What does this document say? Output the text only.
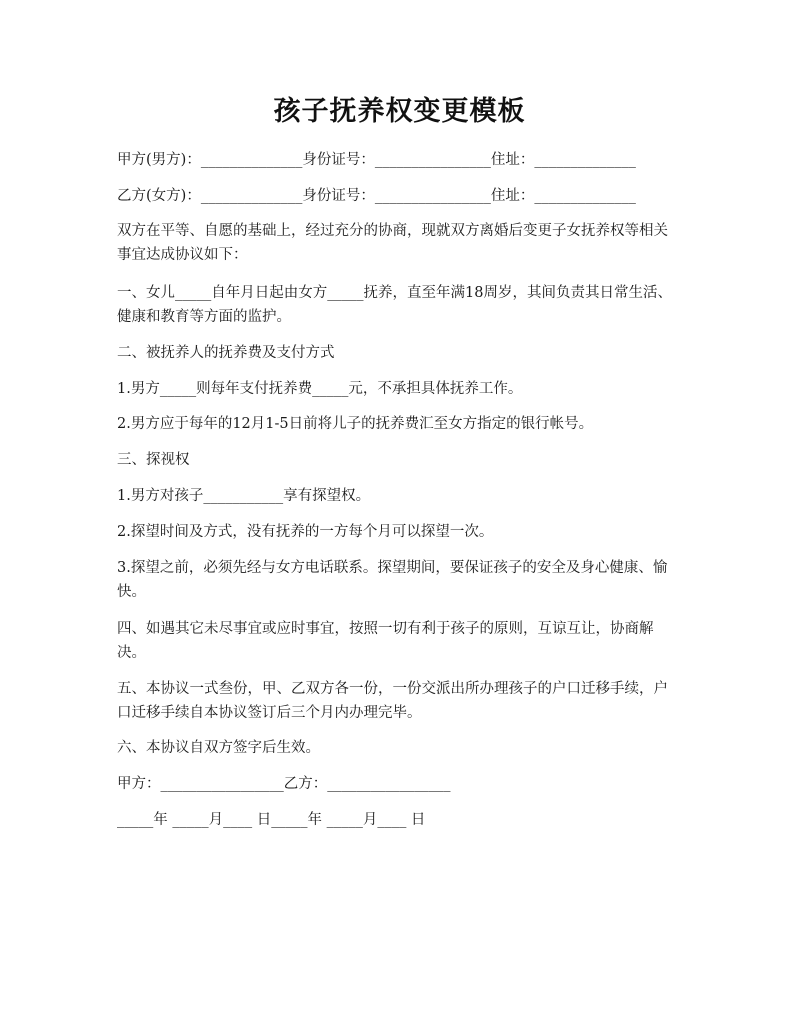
孩子抚养权变更模板
甲方(男方)：______________身份证号：________________住址：______________
乙方(女方)：______________身份证号：________________住址：______________
双方在平等、自愿的基础上，经过充分的协商，现就双方离婚后变更子女抚养权等相关事宜达成协议如下：
一、女儿_____自年月日起由女方_____抚养，直至年满18周岁，其间负责其日常生活、健康和教育等方面的监护。
二、被抚养人的抚养费及支付方式
1.男方_____则每年支付抚养费_____元，不承担具体抚养工作。
2.男方应于每年的12月1-5日前将儿子的抚养费汇至女方指定的银行帐号。
三、探视权
1.男方对孩子___________享有探望权。
2.探望时间及方式，没有抚养的一方每个月可以探望一次。
3.探望之前，必须先经与女方电话联系。探望期间，要保证孩子的安全及身心健康、愉快。
四、如遇其它未尽事宜或应时事宜，按照一切有利于孩子的原则，互谅互让，协商解决。
五、本协议一式叁份，甲、乙双方各一份，一份交派出所办理孩子的户口迁移手续，户口迁移手续自本协议签订后三个月内办理完毕。
六、本协议自双方签字后生效。
甲方：_________________乙方：_________________
_____年 _____月____ 日_____年 _____月____ 日
